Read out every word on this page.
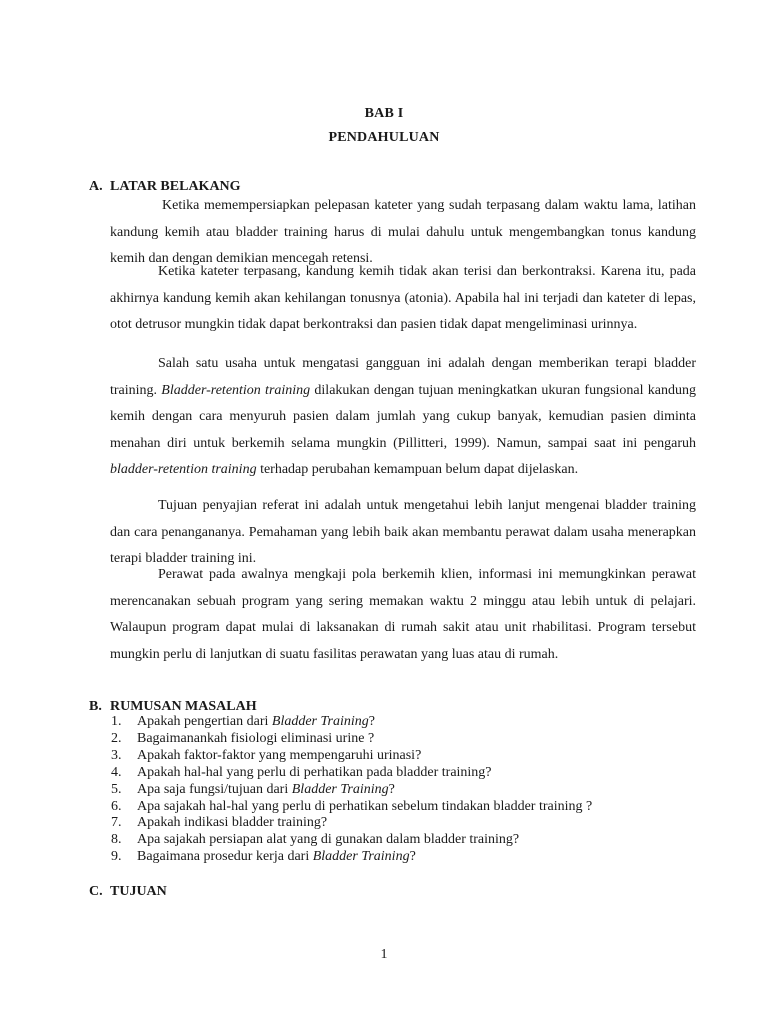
BAB I
PENDAHULUAN
A. LATAR BELAKANG

Ketika memempersiapkan pelepasan kateter yang sudah terpasang dalam waktu lama, latihan kandung kemih atau bladder training harus di mulai dahulu untuk mengembangkan tonus kandung kemih dan dengan demikian mencegah retensi.

Ketika kateter terpasang, kandung kemih tidak akan terisi dan berkontraksi. Karena itu, pada akhirnya kandung kemih akan kehilangan tonusnya (atonia). Apabila hal ini terjadi dan kateter di lepas, otot detrusor mungkin tidak dapat berkontraksi dan pasien tidak dapat mengeliminasi urinnya.

Salah satu usaha untuk mengatasi gangguan ini adalah dengan memberikan terapi bladder training. Bladder-retention training dilakukan dengan tujuan meningkatkan ukuran fungsional kandung kemih dengan cara menyuruh pasien dalam jumlah yang cukup banyak, kemudian pasien diminta menahan diri untuk berkemih selama mungkin (Pillitteri, 1999). Namun, sampai saat ini pengaruh bladder-retention training terhadap perubahan kemampuan belum dapat dijelaskan.

Tujuan penyajian referat ini adalah untuk mengetahui lebih lanjut mengenai bladder training dan cara penangananya. Pemahaman yang lebih baik akan membantu perawat dalam usaha menerapkan terapi bladder training ini.

Perawat pada awalnya mengkaji pola berkemih klien, informasi ini memungkinkan perawat merencanakan sebuah program yang sering memakan waktu 2 minggu atau lebih untuk di pelajari. Walaupun program dapat mulai di laksanakan di rumah sakit atau unit rhabilitasi. Program tersebut mungkin perlu di lanjutkan di suatu fasilitas perawatan yang luas atau di rumah.

B. RUMUSAN MASALAH
1. Apakah pengertian dari Bladder Training?
2. Bagaimanankah fisiologi eliminasi urine ?
3. Apakah faktor-faktor yang mempengaruhi urinasi?
4. Apakah hal-hal yang perlu di perhatikan pada bladder training?
5. Apa saja fungsi/tujuan dari Bladder Training?
6. Apa sajakah hal-hal yang perlu di perhatikan sebelum tindakan bladder training ?
7. Apakah indikasi bladder training?
8. Apa sajakah persiapan alat yang di gunakan dalam bladder training?
9. Bagaimana prosedur kerja dari Bladder Training?
C. TUJUAN
1
